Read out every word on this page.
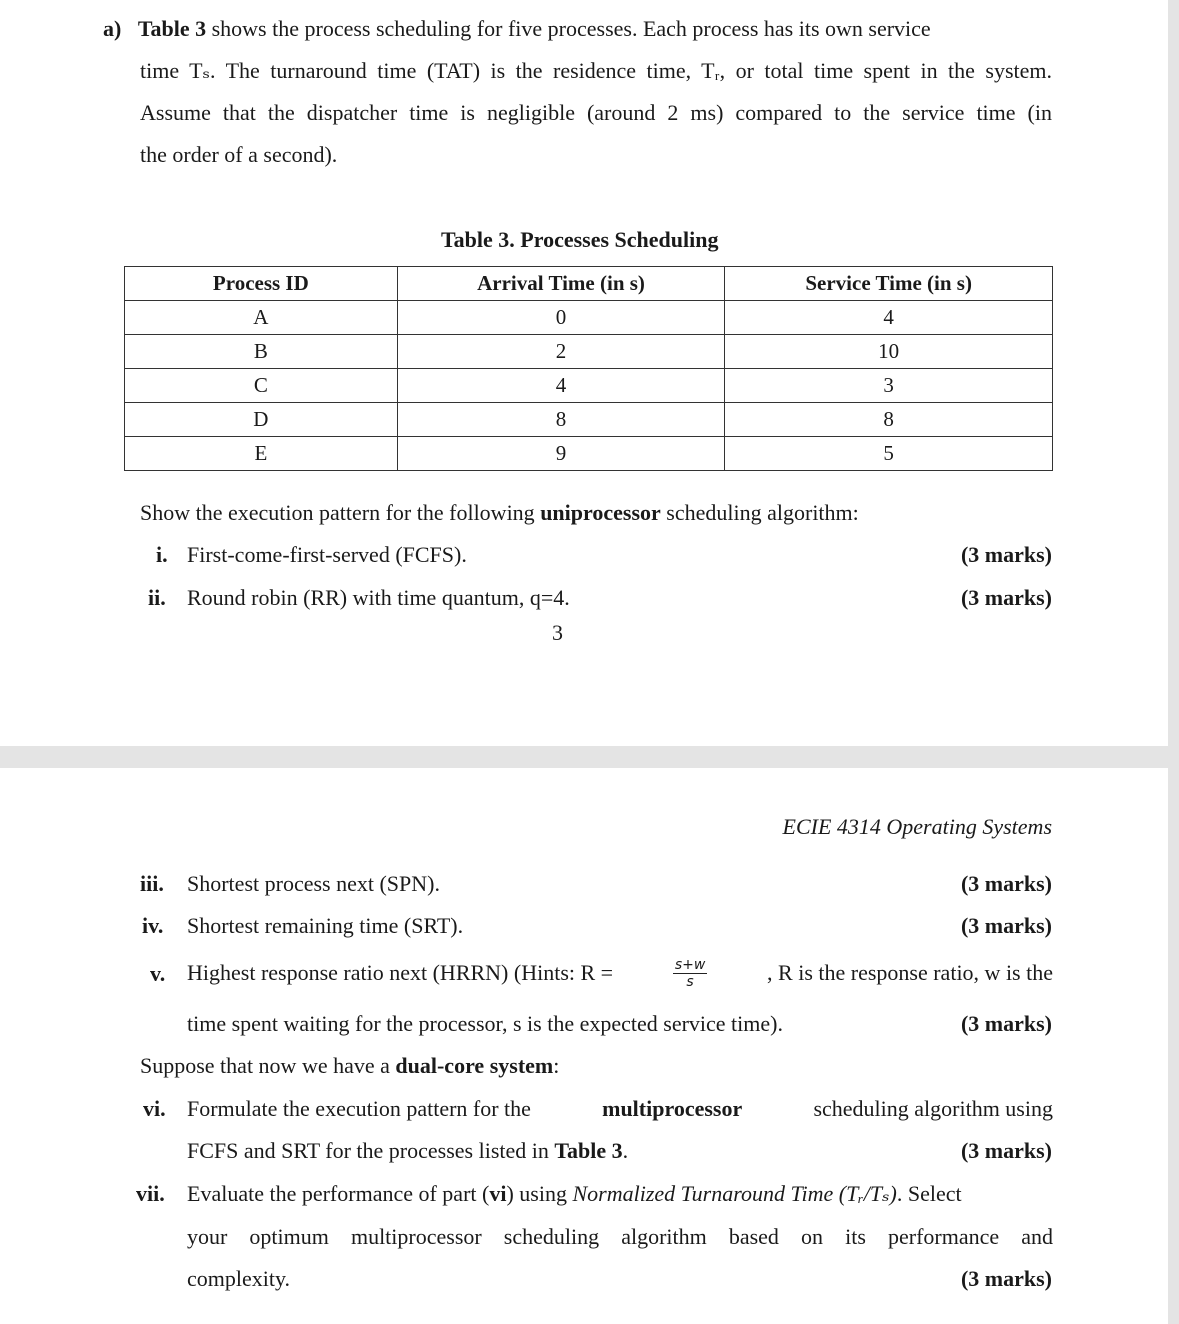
a) Table 3 shows the process scheduling for five processes. Each process has its own service
time Tₛ. The turnaround time (TAT) is the residence time, Tᵣ, or total time spent in the system.
Assume that the dispatcher time is negligible (around 2 ms) compared to the service time (in
the order of a second).
Table 3. Processes Scheduling
Process ID	Arrival Time (in s)	Service Time (in s)
A	0	4
B	2	10
C	4	3
D	8	8
E	9	5
Show the execution pattern for the following uniprocessor scheduling algorithm:
i. First-come-first-served (FCFS).	(3 marks)
ii. Round robin (RR) with time quantum, q=4.	(3 marks)
3
ECIE 4314 Operating Systems
iii. Shortest process next (SPN).	(3 marks)
iv. Shortest remaining time (SRT).	(3 marks)
v. Highest response ratio next (HRRN) (Hints: R =	$\frac{s+w}{s}$	, R is the response ratio, w is the
time spent waiting for the processor, s is the expected service time).	(3 marks)
Suppose that now we have a dual-core system:
vi. Formulate the execution pattern for the	multiprocessor	scheduling algorithm using
FCFS and SRT for the processes listed in Table 3.	(3 marks)
vii. Evaluate the performance of part (vi) using Normalized Turnaround Time (Tᵣ/Tₛ). Select
your optimum multiprocessor scheduling algorithm based on its performance and
complexity.	(3 marks)
